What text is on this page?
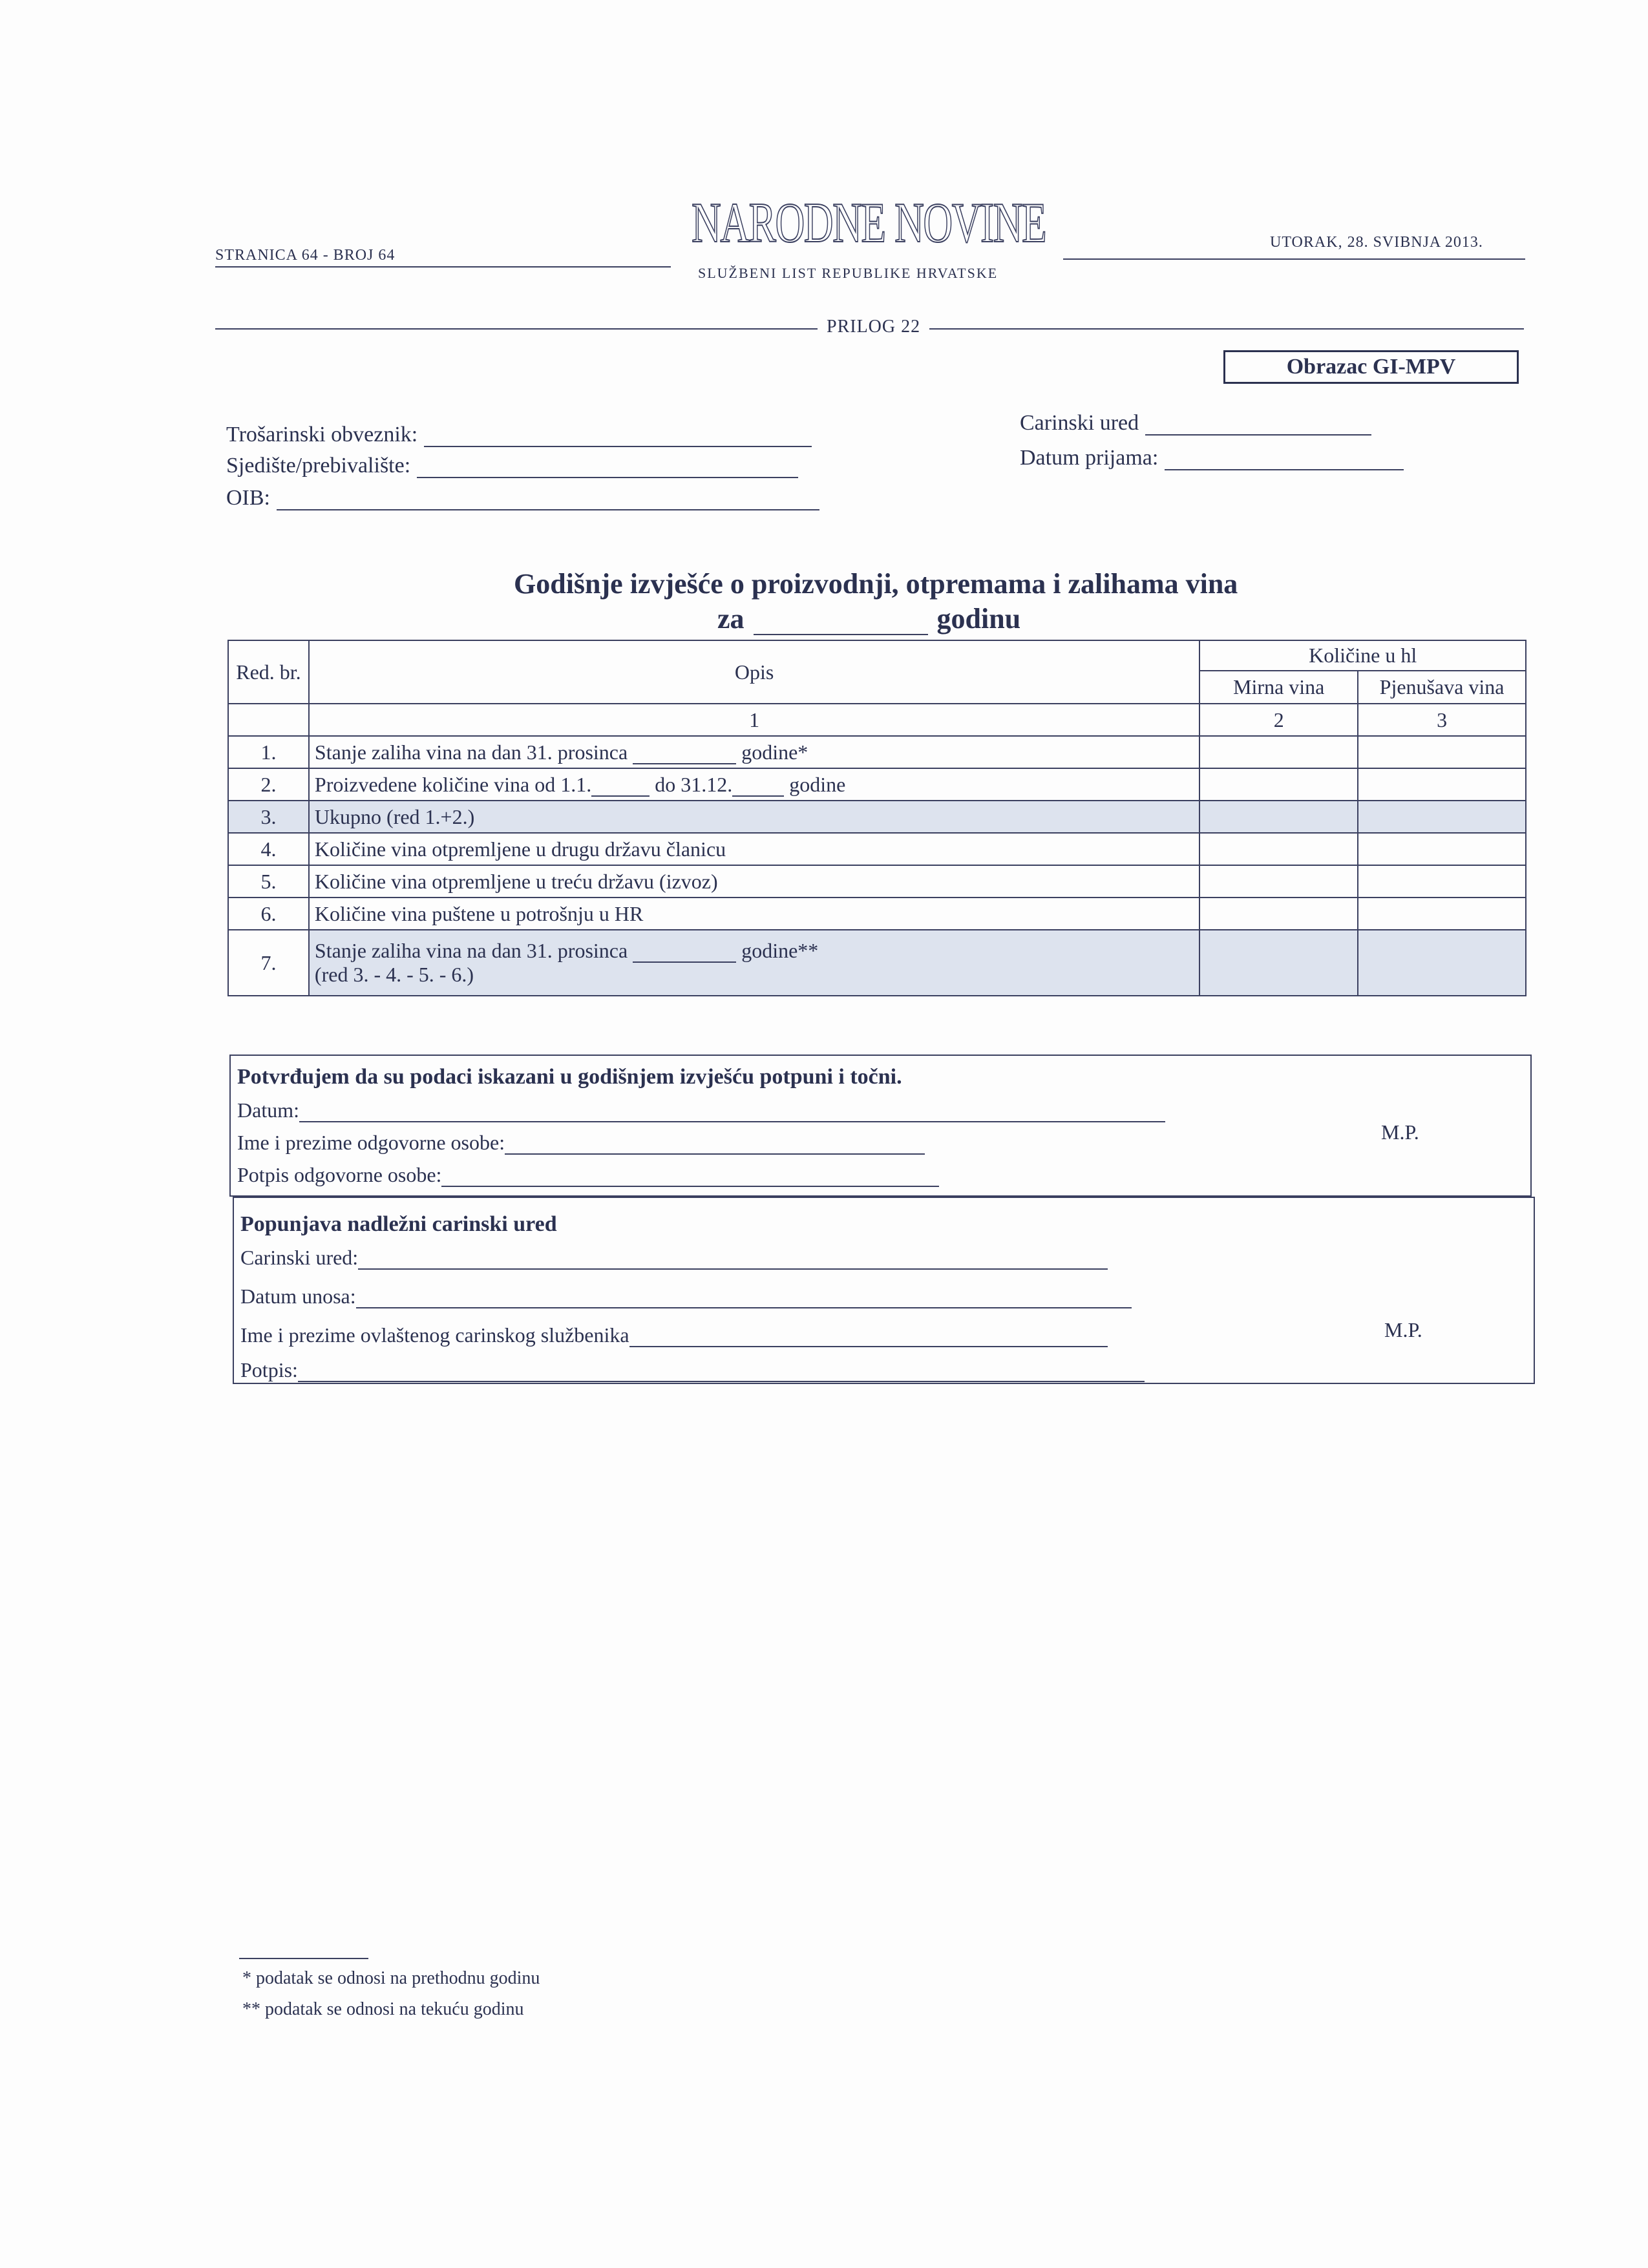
STRANICA 64 - BROJ 64
NARODNE NOVINE
SLUŽBENI LIST REPUBLIKE HRVATSKE
UTORAK, 28. SVIBNJA 2013.
PRILOG 22
Obrazac GI-MPV
Trošarinski obveznik:
Sjedište/prebivalište:
OIB:
Carinski ured
Datum prijama:
Godišnje izvješće o proizvodnji, otpremama i zalihama vina
za	godinu
Red. br.	Opis	Količine u hl	
		Mirna vina	Pjenušava vina
	1	2	3
1.	Stanje zaliha vina na dan 31. prosinca godine*		
2.	Proizvedene količine vina od 1.1. do 31.12. godine		
3.	Ukupno (red 1.+2.)		
4.	Količine vina otpremljene u drugu državu članicu		
5.	Količine vina otpremljene u treću državu (izvoz)		
6.	Količine vina puštene u potrošnju u HR		
7.	Stanje zaliha vina na dan 31. prosinca godine**
(red 3. - 4. - 5. - 6.)		

Potvrđujem da su podaci iskazani u godišnjem izvješću potpuni i točni.
Datum:
Ime i prezime odgovorne osobe:
Potpis odgovorne osobe:
M.P.
Popunjava nadležni carinski ured
Carinski ured:
Datum unosa:
Ime i prezime ovlaštenog carinskog službenika
Potpis:
M.P.
* podatak se odnosi na prethodnu godinu
** podatak se odnosi na tekuću godinu
